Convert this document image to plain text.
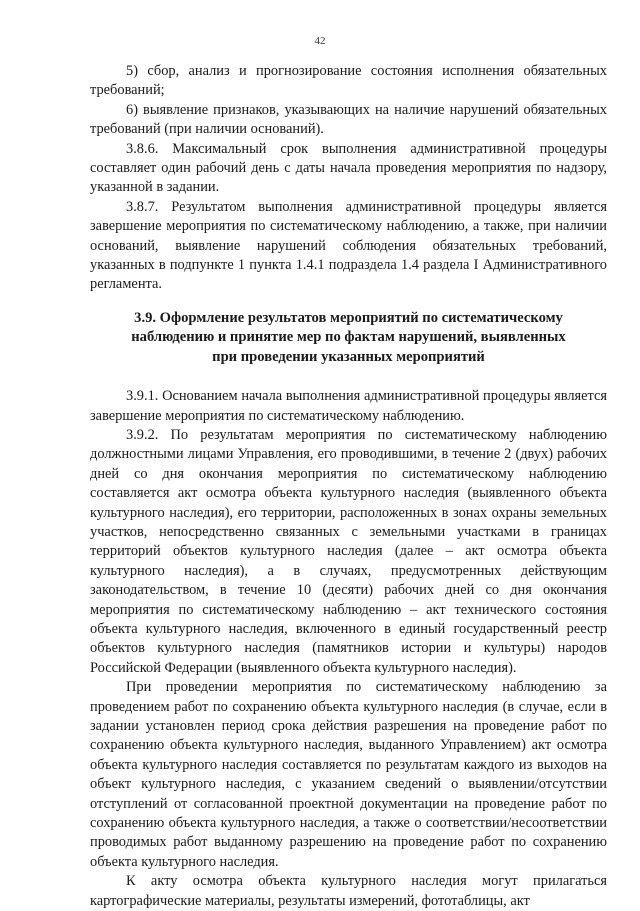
42

5) сбор, анализ и прогнозирование состояния исполнения обязательных требований;

6) выявление признаков, указывающих на наличие нарушений обязательных требований (при наличии оснований).

3.8.6. Максимальный срок выполнения административной процедуры составляет один рабочий день с даты начала проведения мероприятия по надзору, указанной в задании.

3.8.7. Результатом выполнения административной процедуры является завершение мероприятия по систематическому наблюдению, а также, при наличии оснований, выявление нарушений соблюдения обязательных требований, указанных в подпункте 1 пункта 1.4.1 подраздела 1.4 раздела I Административного регламента.

3.9. Оформление результатов мероприятий по систематическому
наблюдению и принятие мер по фактам нарушений, выявленных
при проведении указанных мероприятий

3.9.1. Основанием начала выполнения административной процедуры является завершение мероприятия по систематическому наблюдению.

3.9.2. По результатам мероприятия по систематическому наблюдению должностными лицами Управления, его проводившими, в течение 2 (двух) рабочих дней со дня окончания мероприятия по систематическому наблюдению составляется акт осмотра объекта культурного наследия (выявленного объекта культурного наследия), его территории, расположенных в зонах охраны земельных участков, непосредственно связанных с земельными участками в границах территорий объектов культурного наследия (далее – акт осмотра объекта культурного наследия), а в случаях, предусмотренных действующим законодательством, в течение 10 (десяти) рабочих дней со дня окончания мероприятия по систематическому наблюдению – акт технического состояния объекта культурного наследия, включенного в единый государственный реестр объектов культурного наследия (памятников истории и культуры) народов Российской Федерации (выявленного объекта культурного наследия).

При проведении мероприятия по систематическому наблюдению за проведением работ по сохранению объекта культурного наследия (в случае, если в задании установлен период срока действия разрешения на проведение работ по сохранению объекта культурного наследия, выданного Управлением) акт осмотра объекта культурного наследия составляется по результатам каждого из выходов на объект культурного наследия, с указанием сведений о выявлении/отсутствии отступлений от согласованной проектной документации на проведение работ по сохранению объекта культурного наследия, а также о соответствии/несоответствии проводимых работ выданному разрешению на проведение работ по сохранению объекта культурного наследия.

К акту осмотра объекта культурного наследия могут прилагаться картографические материалы, результаты измерений, фототаблицы, акт
